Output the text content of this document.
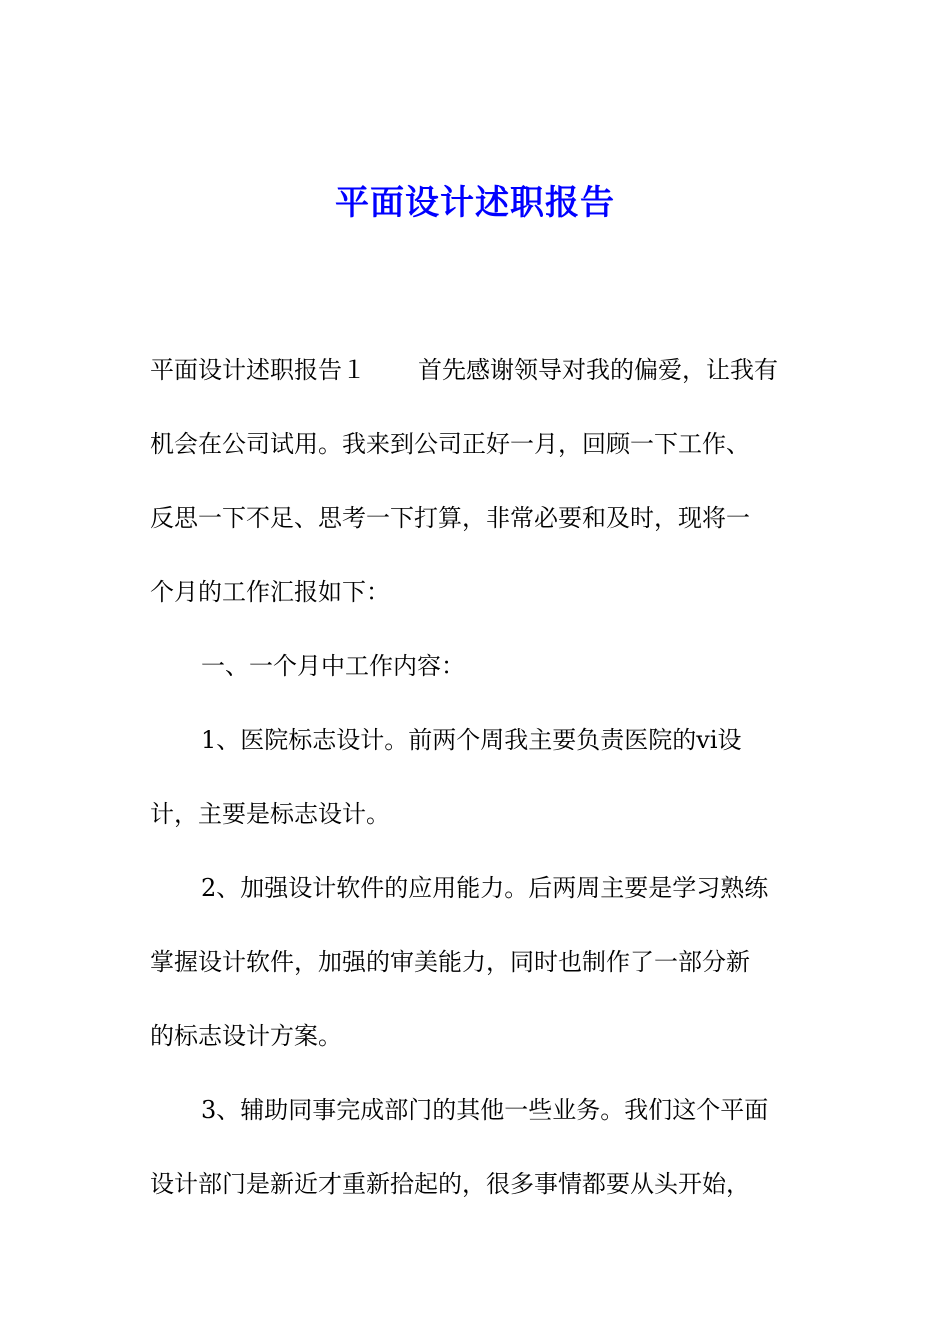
平面设计述职报告
平面设计述职报告１ 首先感谢领导对我的偏爱，让我有
机会在公司试用。我来到公司正好一月，回顾一下工作、
反思一下不足、思考一下打算，非常必要和及时，现将一
个月的工作汇报如下：
一、一个月中工作内容：
1、医院标志设计。前两个周我主要负责医院的vi设
计，主要是标志设计。
2、加强设计软件的应用能力。后两周主要是学习熟练
掌握设计软件，加强的审美能力，同时也制作了一部分新
的标志设计方案。
3、辅助同事完成部门的其他一些业务。我们这个平面
设计部门是新近才重新拾起的，很多事情都要从头开始，
